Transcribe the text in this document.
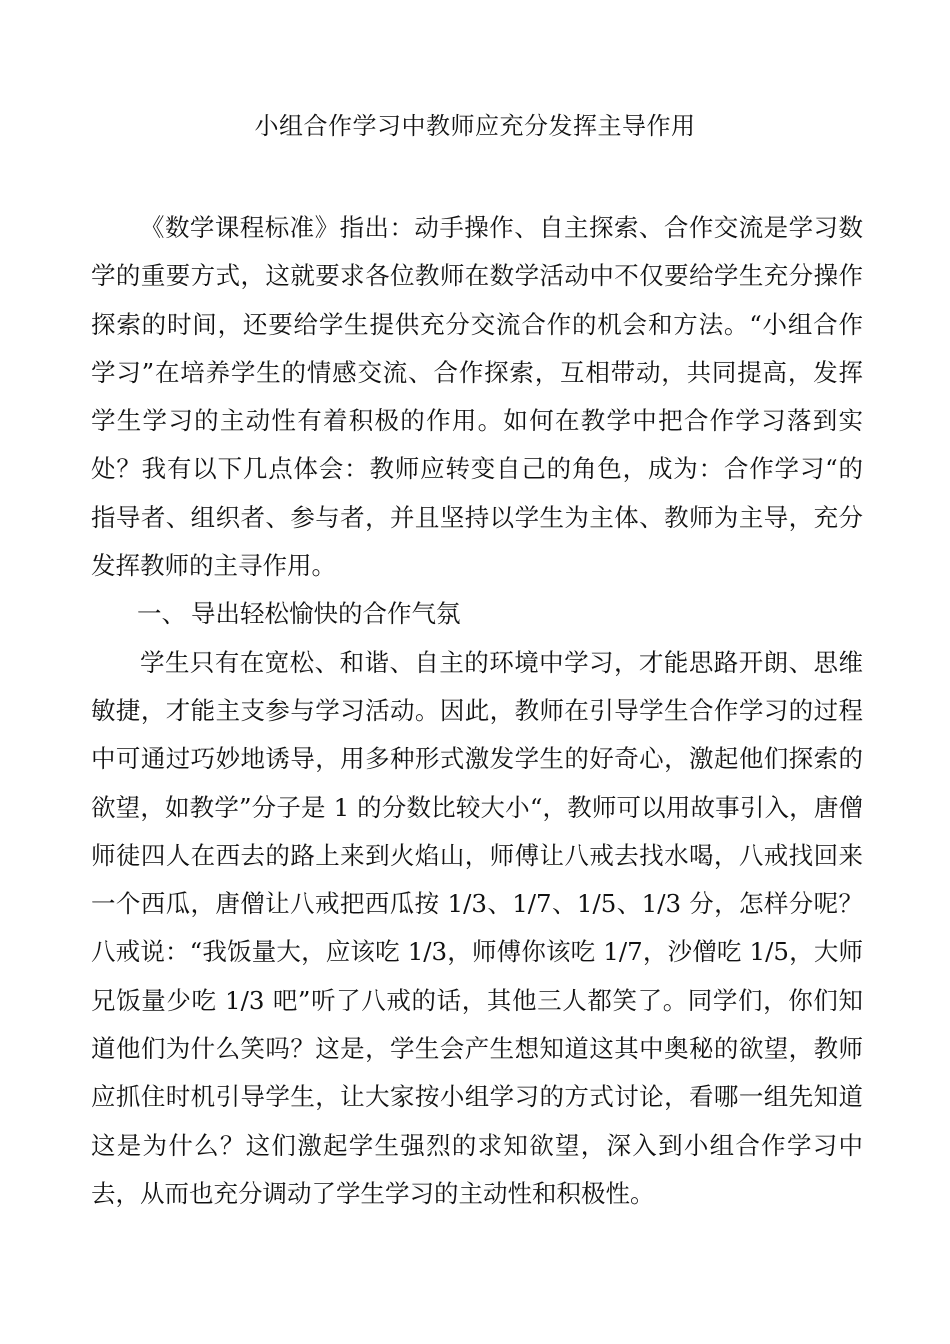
小组合作学习中教师应充分发挥主导作用

《数学课程标准》指出：动手操作、自主探索、合作交流是学习数学的重要方式，这就要求各位教师在数学活动中不仅要给学生充分操作探索的时间，还要给学生提供充分交流合作的机会和方法。“小组合作学习”在培养学生的情感交流、合作探索，互相带动，共同提高，发挥学生学习的主动性有着积极的作用。如何在教学中把合作学习落到实处？我有以下几点体会：教师应转变自己的角色，成为：合作学习“的指导者、组织者、参与者，并且坚持以学生为主体、教师为主导，充分发挥教师的主寻作用。

一、 导出轻松愉快的合作气氛

学生只有在宽松、和谐、自主的环境中学习，才能思路开朗、思维敏捷，才能主支参与学习活动。因此，教师在引导学生合作学习的过程中可通过巧妙地诱导，用多种形式激发学生的好奇心，激起他们探索的欲望，如教学”分子是 1 的分数比较大小“，教师可以用故事引入，唐僧师徒四人在西去的路上来到火焰山，师傅让八戒去找水喝，八戒找回来一个西瓜，唐僧让八戒把西瓜按 1/3、1/7、1/5、1/3 分，怎样分呢？八戒说：“我饭量大，应该吃 1/3，师傅你该吃 1/7，沙僧吃 1/5，大师兄饭量少吃 1/3 吧”听了八戒的话，其他三人都笑了。同学们，你们知道他们为什么笑吗？这是，学生会产生想知道这其中奥秘的欲望，教师应抓住时机引导学生，让大家按小组学习的方式讨论，看哪一组先知道这是为什么？这们激起学生强烈的求知欲望，深入到小组合作学习中去，从而也充分调动了学生学习的主动性和积极性。
